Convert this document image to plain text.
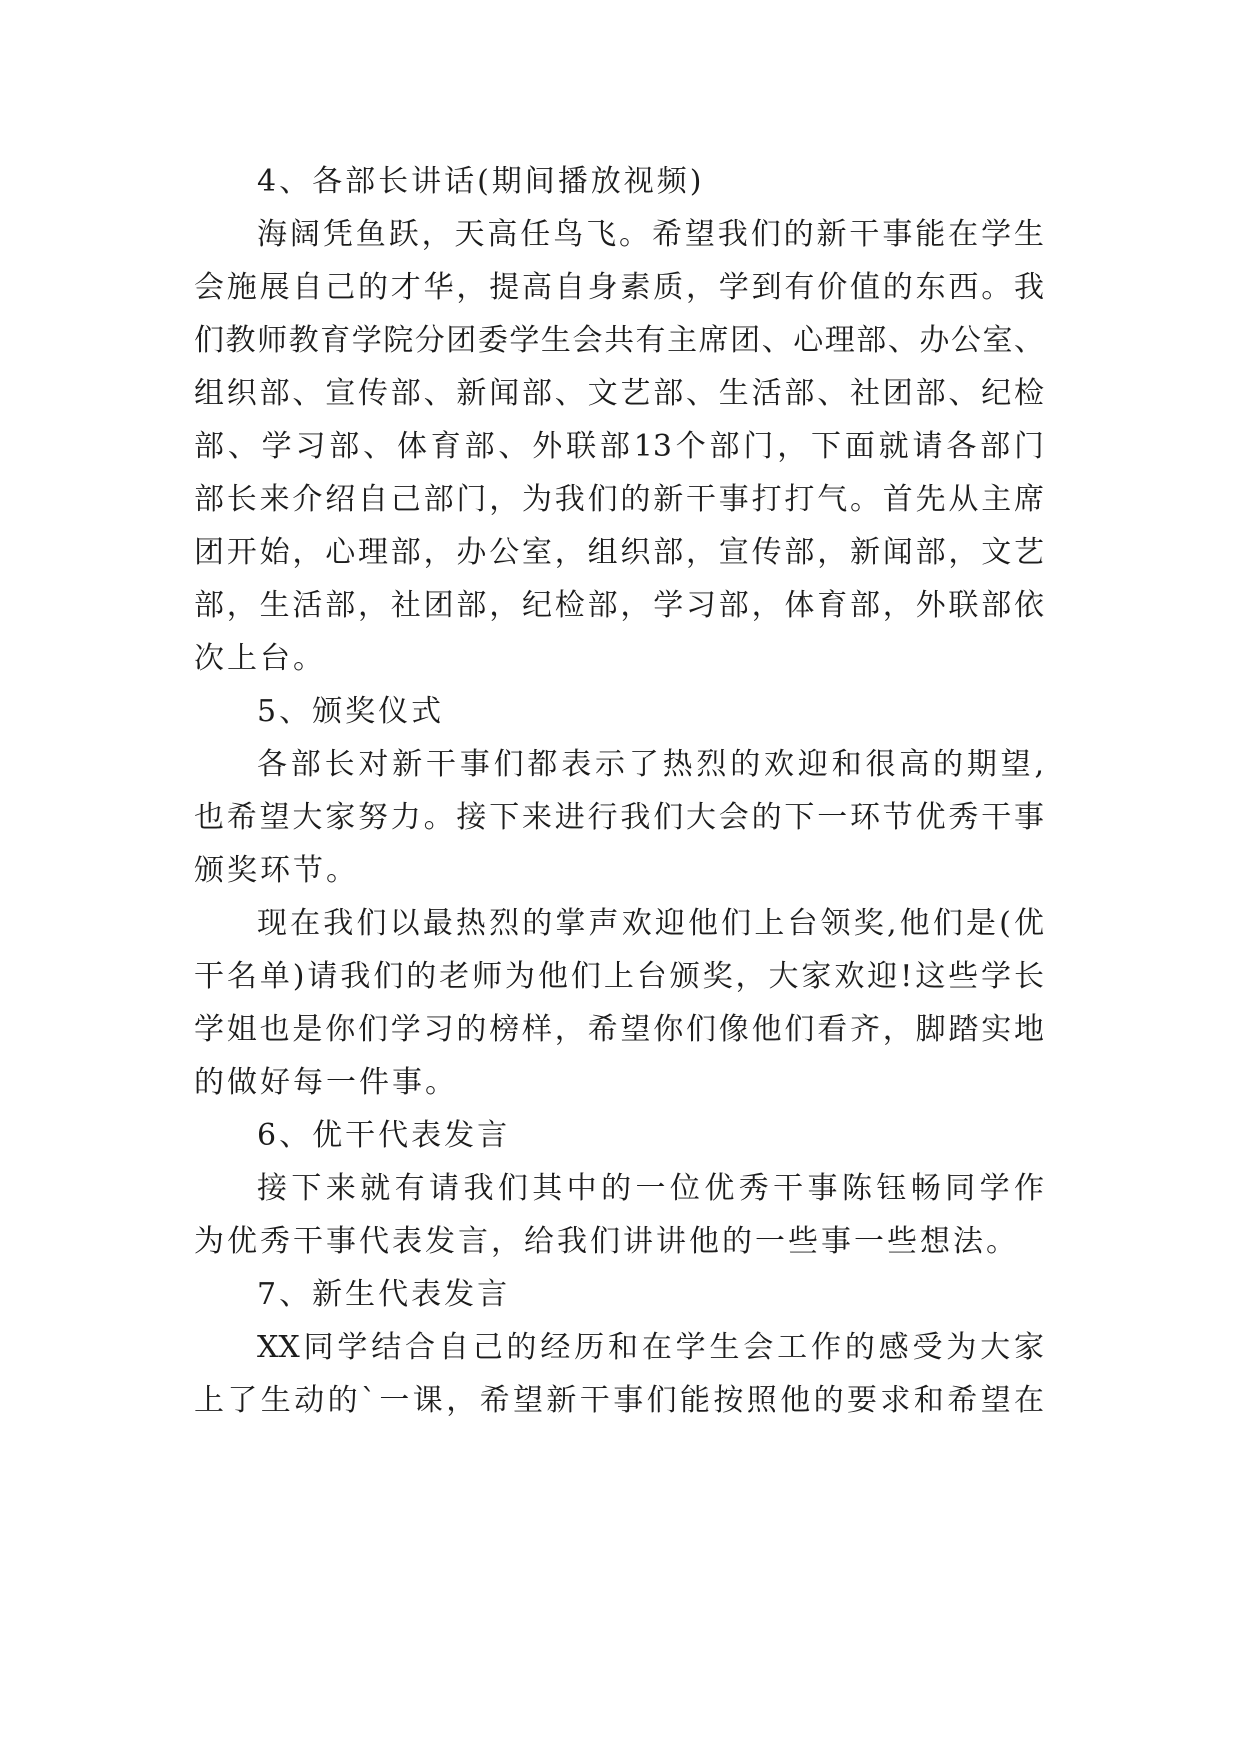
4、各部长讲话(期间播放视频)
海阔凭鱼跃，天高任鸟飞。希望我们的新干事能在学生
会施展自己的才华，提高自身素质，学到有价值的东西。我
们教师教育学院分团委学生会共有主席团、心理部、办公室、
组织部、宣传部、新闻部、文艺部、生活部、社团部、纪检
部、学习部、体育部、外联部13个部门，下面就请各部门
部长来介绍自己部门，为我们的新干事打打气。首先从主席
团开始，心理部，办公室，组织部，宣传部，新闻部，文艺
部，生活部，社团部，纪检部，学习部，体育部，外联部依
次上台。
5、颁奖仪式
各部长对新干事们都表示了热烈的欢迎和很高的期望,
也希望大家努力。接下来进行我们大会的下一环节优秀干事
颁奖环节。
现在我们以最热烈的掌声欢迎他们上台领奖,他们是(优
干名单)请我们的老师为他们上台颁奖，大家欢迎!这些学长
学姐也是你们学习的榜样，希望你们像他们看齐，脚踏实地
的做好每一件事。
6、优干代表发言
接下来就有请我们其中的一位优秀干事陈钰畅同学作
为优秀干事代表发言，给我们讲讲他的一些事一些想法。
7、新生代表发言
XX同学结合自己的经历和在学生会工作的感受为大家
上了生动的`一课，希望新干事们能按照他的要求和希望在
